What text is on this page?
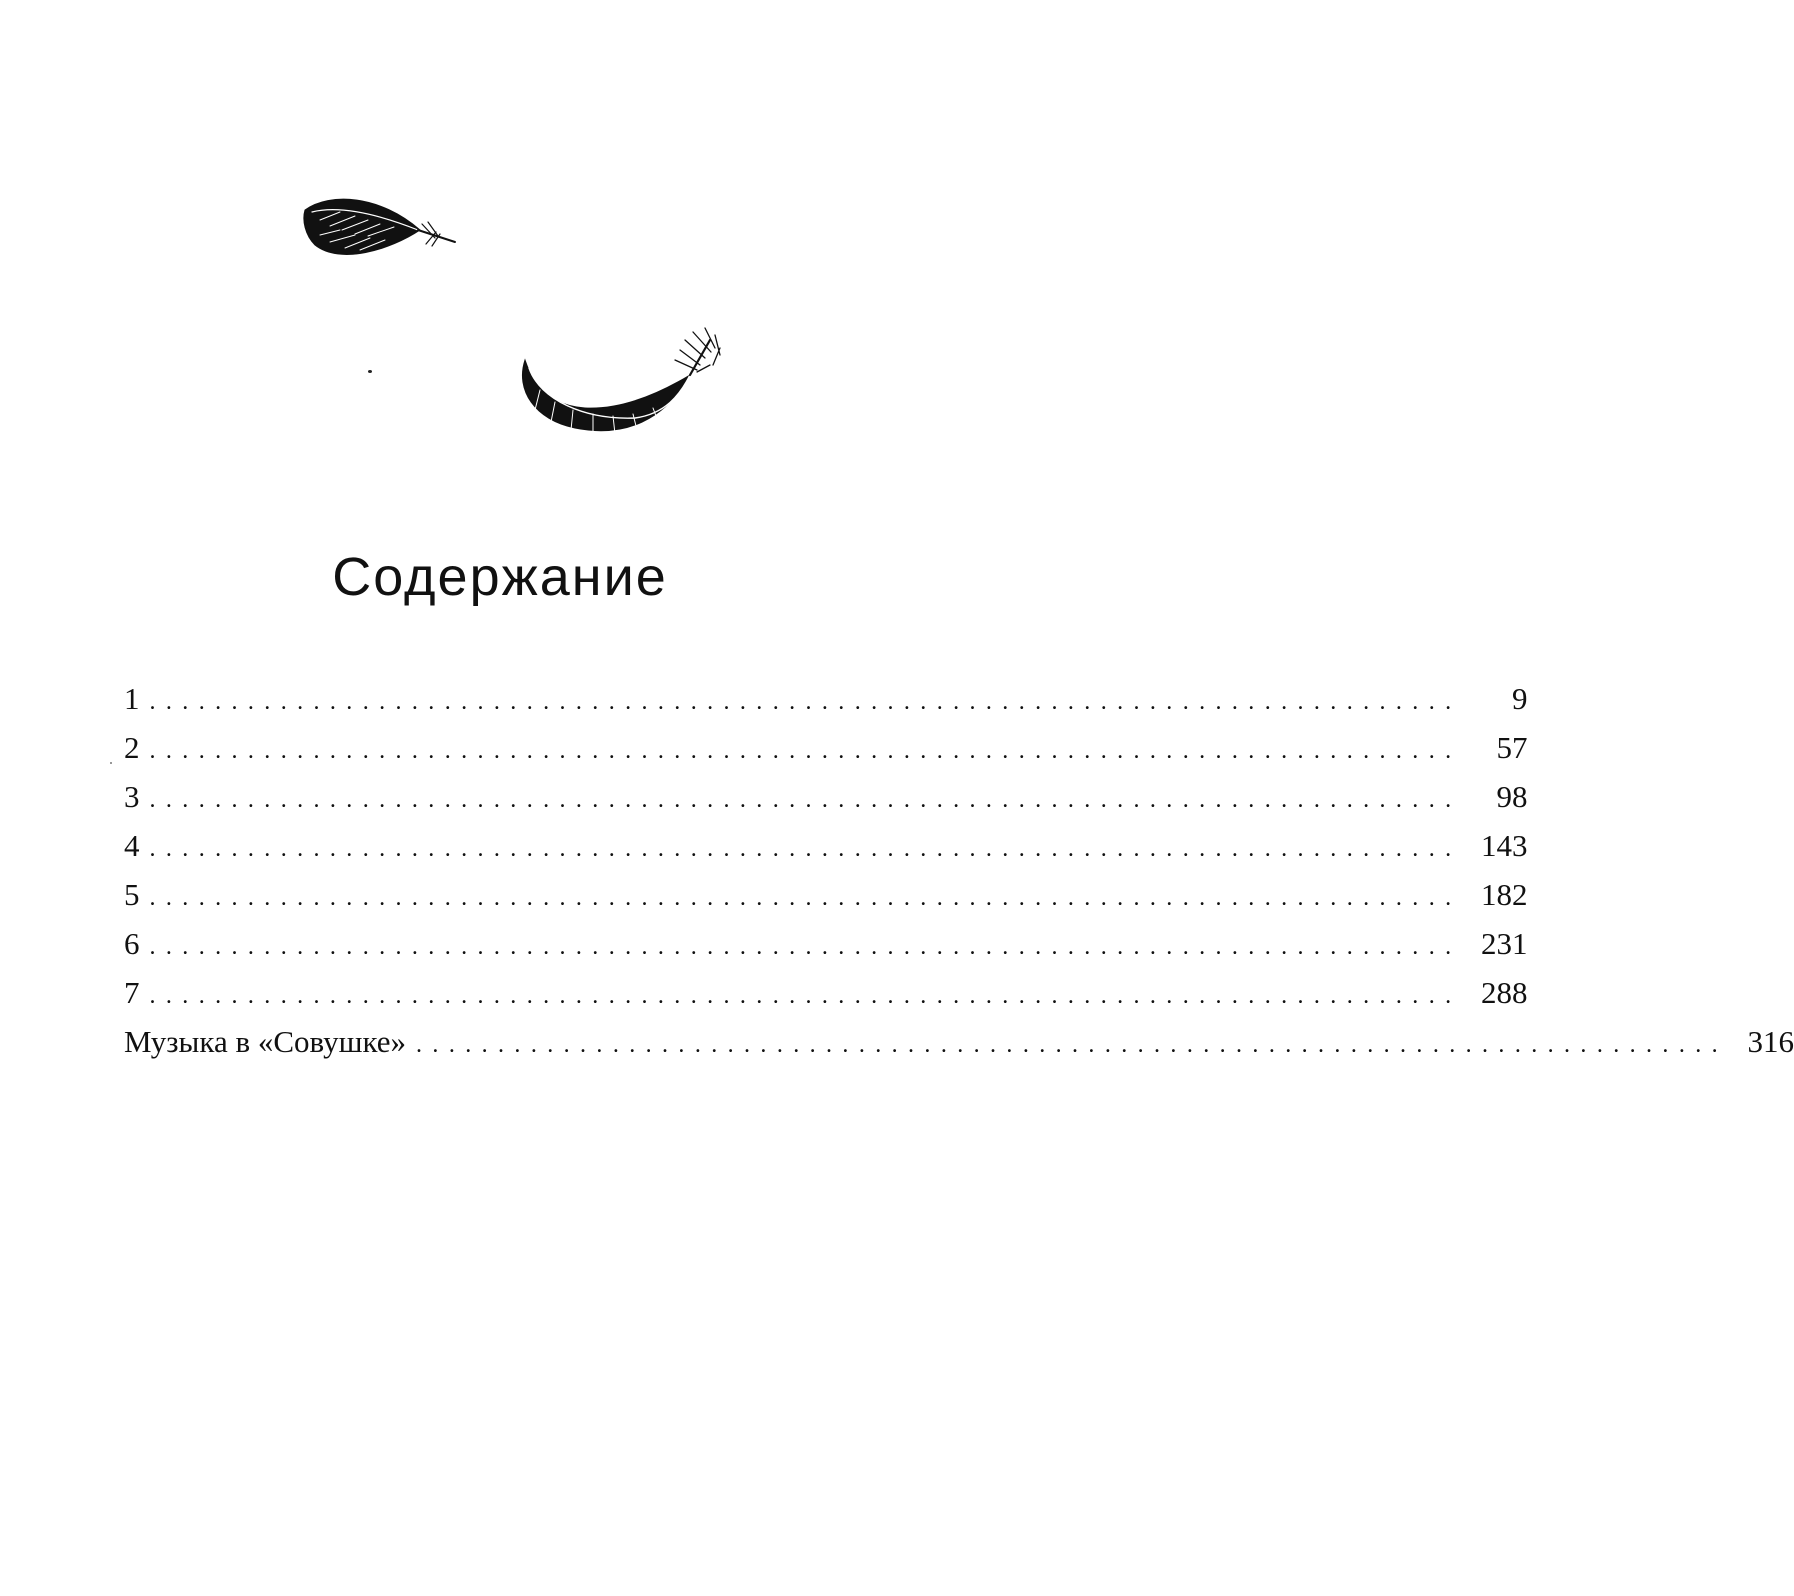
Содержание
1 ................................................................................	9
2 ................................................................................	57
3 ................................................................................	98
4 ................................................................................ 143
5 ................................................................................ 182
6 ................................................................................ 231
7 ................................................................................ 288
Музыка в «Совушке» ................................................................................ 316
